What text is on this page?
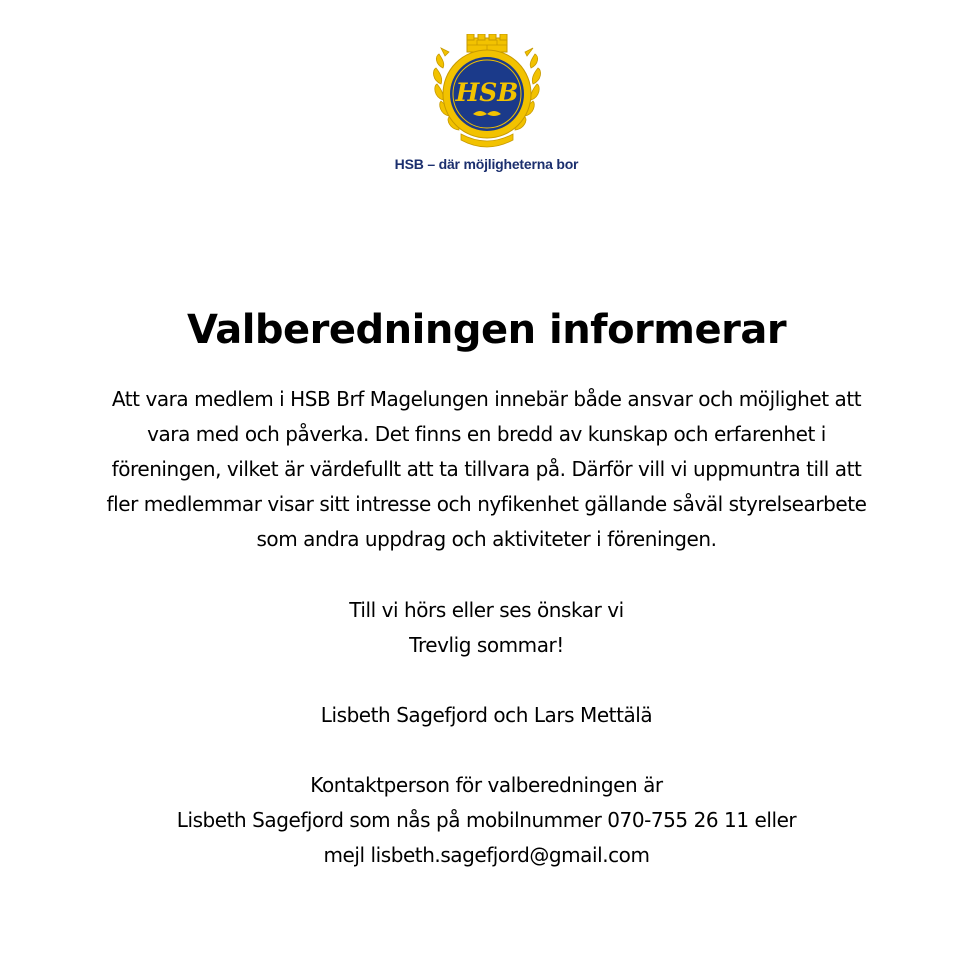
HSB
HSB – där möjligheterna bor
Valberedningen informerar

Att vara medlem i HSB Brf Magelungen innebär både ansvar och möjlighet att
vara med och påverka. Det finns en bredd av kunskap och erfarenhet i
föreningen, vilket är värdefullt att ta tillvara på. Därför vill vi uppmuntra till att
fler medlemmar visar sitt intresse och nyfikenhet gällande såväl styrelsearbete
som andra uppdrag och aktiviteter i föreningen.

Till vi hörs eller ses önskar vi
Trevlig sommar!

Lisbeth Sagefjord och Lars Mettälä

Kontaktperson för valberedningen är
Lisbeth Sagefjord som nås på mobilnummer 070-755 26 11 eller
mejl lisbeth.sagefjord@gmail.com
